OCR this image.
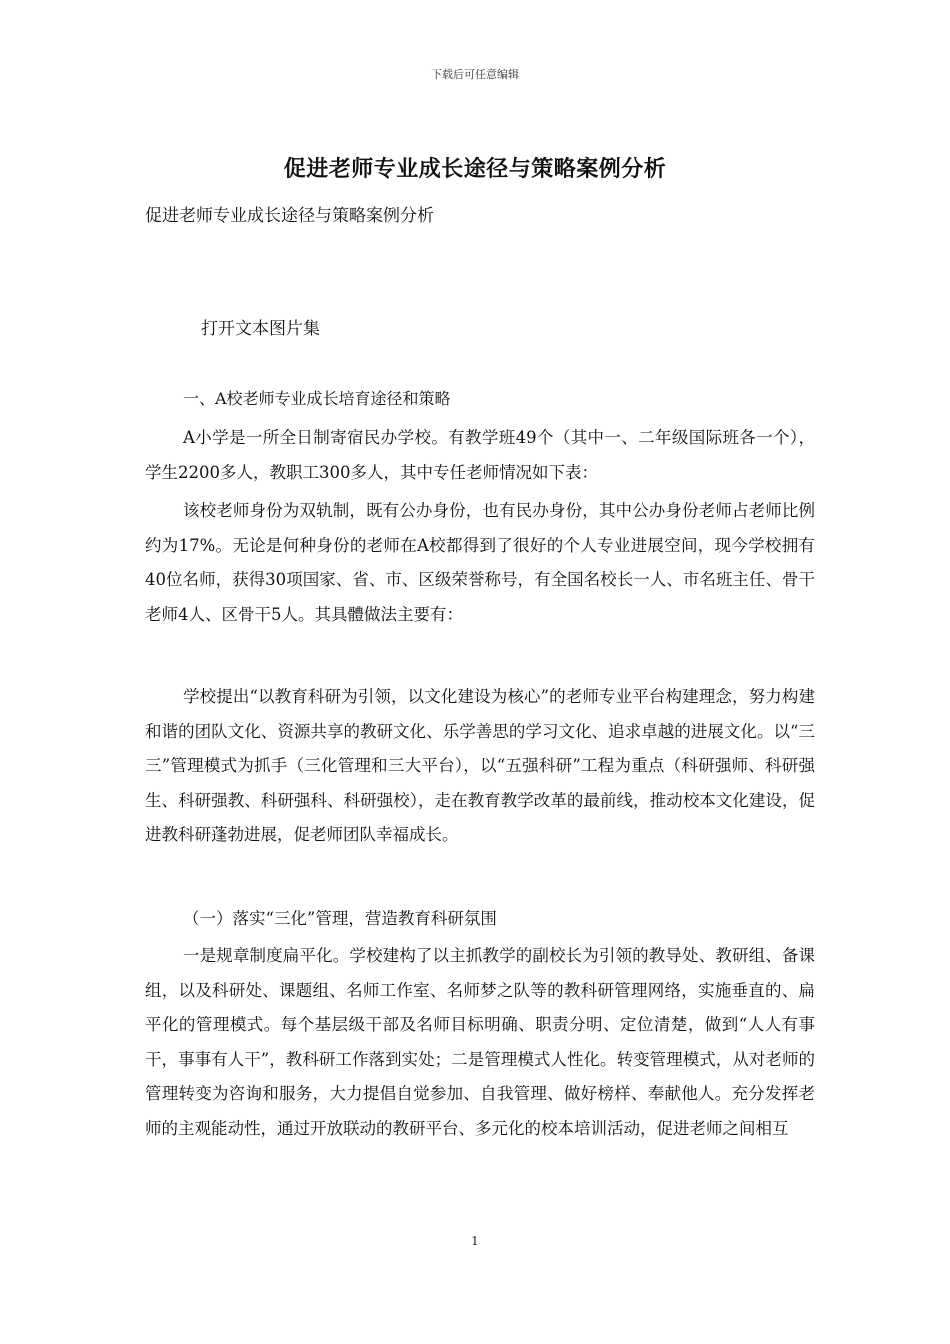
下载后可任意编辑
促进老师专业成长途径与策略案例分析
促进老师专业成长途径与策略案例分析
打开文本图片集
一、A校老师专业成长培育途径和策略
A小学是一所全日制寄宿民办学校。有教学班49个（其中一、二年级国际班各一个），学生2200多人，教职工300多人，其中专任老师情况如下表：
该校老师身份为双轨制，既有公办身份，也有民办身份，其中公办身份老师占老师比例约为17%。无论是何种身份的老师在A校都得到了很好的个人专业进展空间，现今学校拥有40位名师，获得30项国家、省、市、区级荣誉称号，有全国名校长一人、市名班主任、骨干老师4人、区骨干5人。其具體做法主要有：
学校提出“以教育科研为引领，以文化建设为核心”的老师专业平台构建理念，努力构建和谐的团队文化、资源共享的教研文化、乐学善思的学习文化、追求卓越的进展文化。以“三三”管理模式为抓手（三化管理和三大平台），以“五强科研”工程为重点（科研强师、科研强生、科研强教、科研强科、科研强校），走在教育教学改革的最前线，推动校本文化建设，促进教科研蓬勃进展，促老师团队幸福成长。
（一）落实“三化”管理，营造教育科研氛围
一是规章制度扁平化。学校建构了以主抓教学的副校长为引领的教导处、教研组、备课组，以及科研处、课题组、名师工作室、名师梦之队等的教科研管理网络，实施垂直的、扁平化的管理模式。每个基层级干部及名师目标明确、职责分明、定位清楚，做到“人人有事干，事事有人干”，教科研工作落到实处；二是管理模式人性化。转变管理模式，从对老师的管理转变为咨询和服务，大力提倡自觉参加、自我管理、做好榜样、奉献他人。充分发挥老师的主观能动性，通过开放联动的教研平台、多元化的校本培训活动，促进老师之间相互
1
